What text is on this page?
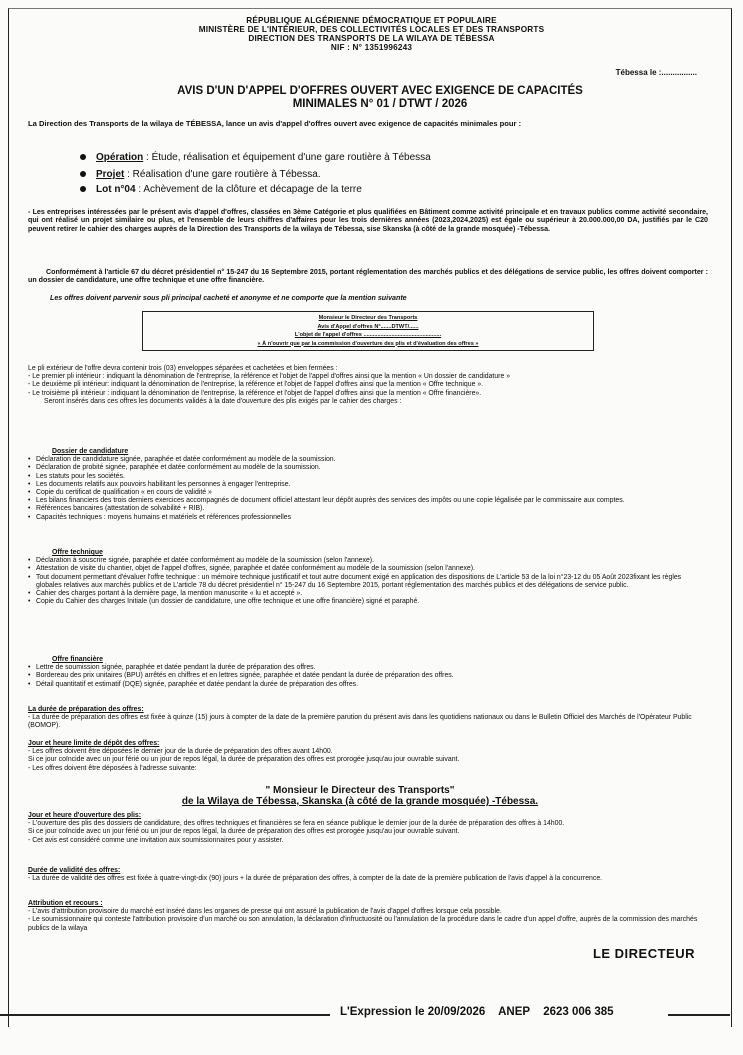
RÉPUBLIQUE ALGÉRIENNE DÉMOCRATIQUE ET POPULAIRE
MINISTÈRE DE L'INTÉRIEUR, DES COLLECTIVITÉS LOCALES ET DES TRANSPORTS
DIRECTION DES TRANSPORTS DE LA WILAYA DE TÉBESSA
NIF : N° 1351996243
Tébessa le :................
AVIS D'UN D'APPEL D'OFFRES OUVERT AVEC EXIGENCE DE CAPACITÉS
MINIMALES N° 01 / DTWT / 2026
La Direction des Transports de la wilaya de TÉBESSA, lance un avis d'appel d'offres ouvert avec exigence de capacités minimales pour :
Opération : Étude, réalisation et équipement d'une gare routière à Tébessa
Projet : Réalisation d'une gare routière à Tébessa.
Lot n°04 : Achèvement de la clôture et décapage de la terre
- Les entreprises intéressées par le présent avis d'appel d'offres, classées en 3ème Catégorie et plus qualifiées en Bâtiment comme activité principale et en travaux publics comme activité secondaire, qui ont réalisé un projet similaire ou plus, et l'ensemble de leurs chiffres d'affaires pour les trois dernières années (2023,2024,2025) est égale ou supérieur à 20.000.000,00 DA, justifiés par le C20 peuvent retirer le cahier des charges auprès de la Direction des Transports de la wilaya de Tébessa, sise Skanska (à côté de la grande mosquée) -Tébessa.
Conformément à l'article 67 du décret présidentiel n° 15-247 du 16 Septembre 2015, portant réglementation des marchés publics et des délégations de service public, les offres doivent comporter : un dossier de candidature, une offre technique et une offre financière.
Les offres doivent parvenir sous pli principal cacheté et anonyme et ne comporte que la mention suivante
Monsieur le Directeur des Transports
Avis d'Appel d'offres N°.......DTWT/......
L'objet de l'appel d'offres ..................................................
« À n'ouvrir que par la commission d'ouverture des plis et d'évaluation des offres »
Le pli extérieur de l'offre devra contenir trois (03) enveloppes séparées et cachetées et bien fermées :
- Le premier pli intérieur : indiquant la dénomination de l'entreprise, la référence et l'objet de l'appel d'offres ainsi que la mention « Un dossier de candidature »
- Le deuxième pli intérieur: indiquant la dénomination de l'entreprise, la référence et l'objet de l'appel d'offres ainsi que la mention « Offre technique ».
- Le troisième pli intérieur : indiquant la dénomination de l'entreprise, la référence et l'objet de l'appel d'offres ainsi que la mention « Offre financière».
Seront insérés dans ces offres les documents validés à la date d'ouverture des plis exigés par le cahier des charges :
Dossier de candidature
• Déclaration de candidature signée, paraphée et datée conformément au modèle de la soumission.
• Déclaration de probité signée, paraphée et datée conformément au modèle de la soumission.
• Les statuts pour les sociétés.
• Les documents relatifs aux pouvoirs habilitant les personnes à engager l'entreprise.
• Copie du certificat de qualification « en cours de validité »
• Les bilans financiers des trois derniers exercices accompagnés de document officiel attestant leur dépôt auprès des services des impôts ou une copie légalisée par le commissaire aux comptes.
• Références bancaires (attestation de solvabilité + RIB).
• Capacités techniques : moyens humains et matériels et références professionnelles
Offre technique
• Déclaration à souscrire signée, paraphée et datée conformément au modèle de la soumission (selon l'annexe).
• Attestation de visite du chantier, objet de l'appel d'offres, signée, paraphée et datée conformément au modèle de la soumission (selon l'annexe).
• Tout document permettant d'évaluer l'offre technique : un mémoire technique justificatif et tout autre document exigé en application des dispositions de L'article 53 de la loi n°23-12 du 05 Août 2023fixant les règles globales relatives aux marchés publics et de L'article 78 du décret présidentiel n° 15-247 du 16 Septembre 2015, portant réglementation des marchés publics et des délégations de service public.
• Cahier des charges portant à la dernière page, la mention manuscrite « lu et accepté ».
• Copie du Cahier des charges Initiale (un dossier de candidature, une offre technique et une offre financière) signé et paraphé.
Offre financière
• Lettre de soumission signée, paraphée et datée pendant la durée de préparation des offres.
• Bordereau des prix unitaires (BPU) arrêtés en chiffres et en lettres signée, paraphée et datée pendant la durée de préparation des offres.
• Détail quantitatif et estimatif (DQE) signée, paraphée et datée pendant la durée de préparation des offres.
La durée de préparation des offres:
- La durée de préparation des offres est fixée à quinze (15) jours à compter de la date de la première parution du présent avis dans les quotidiens nationaux ou dans le Bulletin Officiel des Marchés de l'Opérateur Public (BOMOP).
Jour et heure limite de dépôt des offres:
- Les offres doivent être déposées le dernier jour de la durée de préparation des offres avant 14h00.
Si ce jour coïncide avec un jour férié ou un jour de repos légal, la durée de préparation des offres est prorogée jusqu'au jour ouvrable suivant.
- Les offres doivent être déposées à l'adresse suivante:
" Monsieur le Directeur des Transports"
de la Wilaya de Tébessa, Skanska (à côté de la grande mosquée) -Tébessa.
Jour et heure d'ouverture des plis:
- L'ouverture des plis des dossiers de candidature, des offres techniques et financières se fera en séance publique le dernier jour de la durée de préparation des offres à 14h00.
Si ce jour coïncide avec un jour férié ou un jour de repos légal, la durée de préparation des offres est prorogée jusqu'au jour ouvrable suivant.
- Cet avis est considéré comme une invitation aux soumissionnaires pour y assister.
Durée de validité des offres:
- La durée de validité des offres est fixée à quatre-vingt-dix (90) jours + la durée de préparation des offres, à compter de la date de la première publication de l'avis d'appel à la concurrence.
Attribution et recours :
- L'avis d'attribution provisoire du marché est inséré dans les organes de presse qui ont assuré la publication de l'avis d'appel d'offres lorsque cela possible.
- Le soumissionnaire qui conteste l'attribution provisoire d'un marché ou son annulation, la déclaration d'infructuosité ou l'annulation de la procédure dans le cadre d'un appel d'offre, auprès de la commission des marchés publics de la wilaya
LE DIRECTEUR
L'Expression le 20/09/2026 ANEP 2623 006 385
